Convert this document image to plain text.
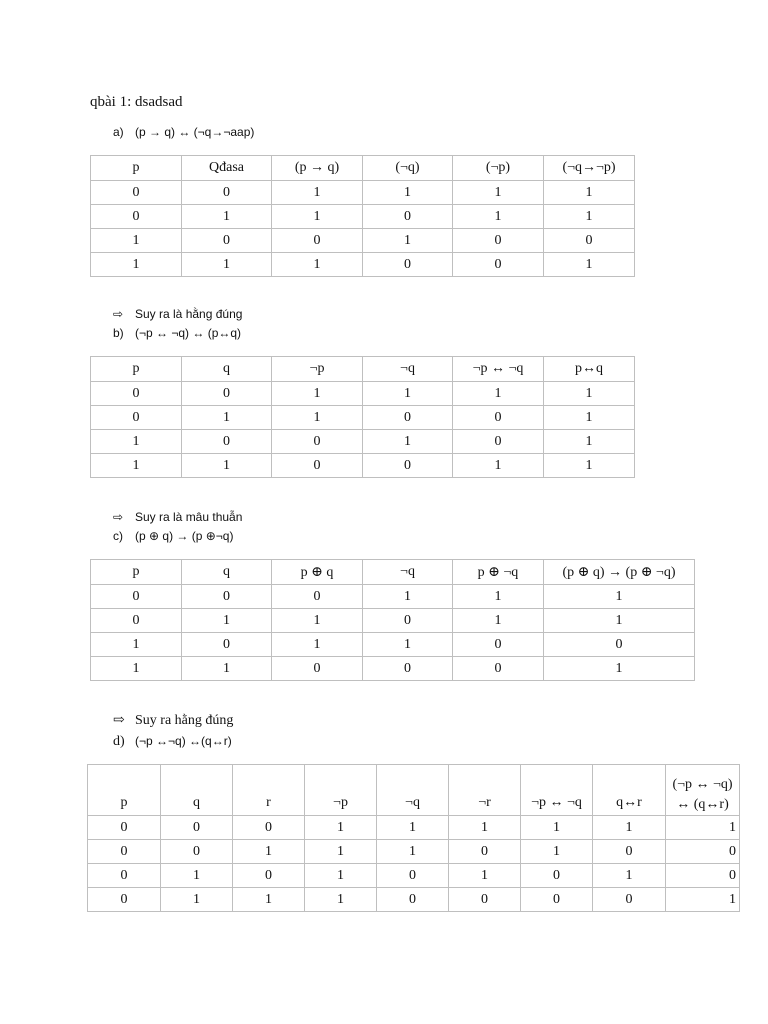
qbài 1: dsadsad
a) (p → q) ↔ (¬q→¬aap)
p	Qđasa	(p → q)	(¬q)	(¬p)	(¬q→¬p)
0	0	1	1	1	1
0	1	1	0	1	1
1	0	0	1	0	0
1	1	1	0	0	1
⇨ Suy ra là hằng đúng
b) (¬p ↔ ¬q) ↔ (p↔q)
p	q	¬p	¬q	¬p ↔ ¬q	p↔q
0	0	1	1	1	1
0	1	1	0	0	1
1	0	0	1	0	1
1	1	0	0	1	1
⇨ Suy ra là mâu thuẫn
c) (p ⊕ q) → (p ⊕¬q)
p	q	p ⊕ q	¬q	p ⊕ ¬q	(p ⊕ q) → (p ⊕ ¬q)
0	0	0	1	1	1
0	1	1	0	1	1
1	0	1	1	0	0
1	1	0	0	0	1
⇨ Suy ra hằng đúng
d) (¬p ↔¬q) ↔(q↔r)
p	q	r	¬p	¬q	¬r	¬p ↔ ¬q	q↔r	(¬p ↔ ¬q) ↔ (q↔r)
0	0	0	1	1	1	1	1	1
0	0	1	1	1	0	1	0	0
0	1	0	1	0	1	0	1	0
0	1	1	1	0	0	0	0	1
